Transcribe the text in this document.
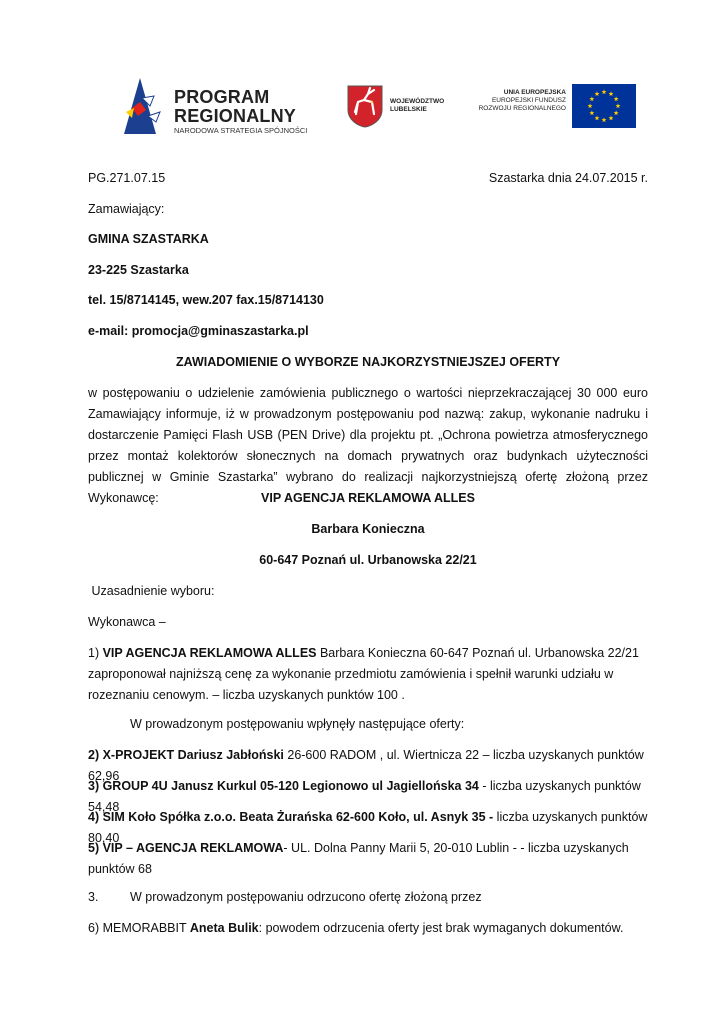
PROGRAM
REGIONALNY
NARODOWA STRATEGIA SPÓJNOŚCI
WOJEWÓDZTWO
LUBELSKIE
UNIA EUROPEJSKA
EUROPEJSKI FUNDUSZ
ROZWOJU REGIONALNEGO
PG.271.07.15	Szastarka dnia 24.07.2015 r.
Zamawiający:
GMINA SZASTARKA
23-225 Szastarka
tel. 15/8714145, wew.207 fax.15/8714130
e-mail: promocja@gminaszastarka.pl
ZAWIADOMIENIE O WYBORZE NAJKORZYSTNIEJSZEJ OFERTY
w postępowaniu o udzielenie zamówienia publicznego o wartości nieprzekraczającej 30 000 euro Zamawiający informuje, iż w prowadzonym postępowaniu pod nazwą: zakup, wykonanie nadruku i dostarczenie Pamięci Flash USB (PEN Drive) dla projektu pt. „Ochrona powietrza atmosferycznego przez montaż kolektorów słonecznych na domach prywatnych oraz budynkach użyteczności publicznej w Gminie Szastarka” wybrano do realizacji najkorzystniejszą ofertę złożoną przez Wykonawcę:	VIP AGENCJA REKLAMOWA ALLES
Barbara Konieczna
60-647 Poznań ul. Urbanowska 22/21
Uzasadnienie wyboru:
Wykonawca –
1) VIP AGENCJA REKLAMOWA ALLES Barbara Konieczna 60-647 Poznań ul. Urbanowska 22/21 zaproponował najniższą cenę za wykonanie przedmiotu zamówienia i spełnił warunki udziału w rozeznaniu cenowym. – liczba uzyskanych punktów 100 .
W prowadzonym postępowaniu wpłynęły następujące oferty:
2) X-PROJEKT Dariusz Jabłoński 26-600 RADOM , ul. Wiertnicza 22 – liczba uzyskanych punktów 62,96
3) GROUP 4U Janusz Kurkul 05-120 Legionowo ul Jagiellońska 34 - liczba uzyskanych punktów 54,48
4) SIM Koło Spółka z.o.o. Beata Żurańska 62-600 Koło, ul. Asnyk 35 - liczba uzyskanych punktów 80,40
5) VIP – AGENCJA REKLAMOWA- UL. Dolna Panny Marii 5, 20-010 Lublin - - liczba uzyskanych punktów 68
3.	W prowadzonym postępowaniu odrzucono ofertę złożoną przez
6) MEMORABBIT Aneta Bulik: powodem odrzucenia oferty jest brak wymaganych dokumentów.
